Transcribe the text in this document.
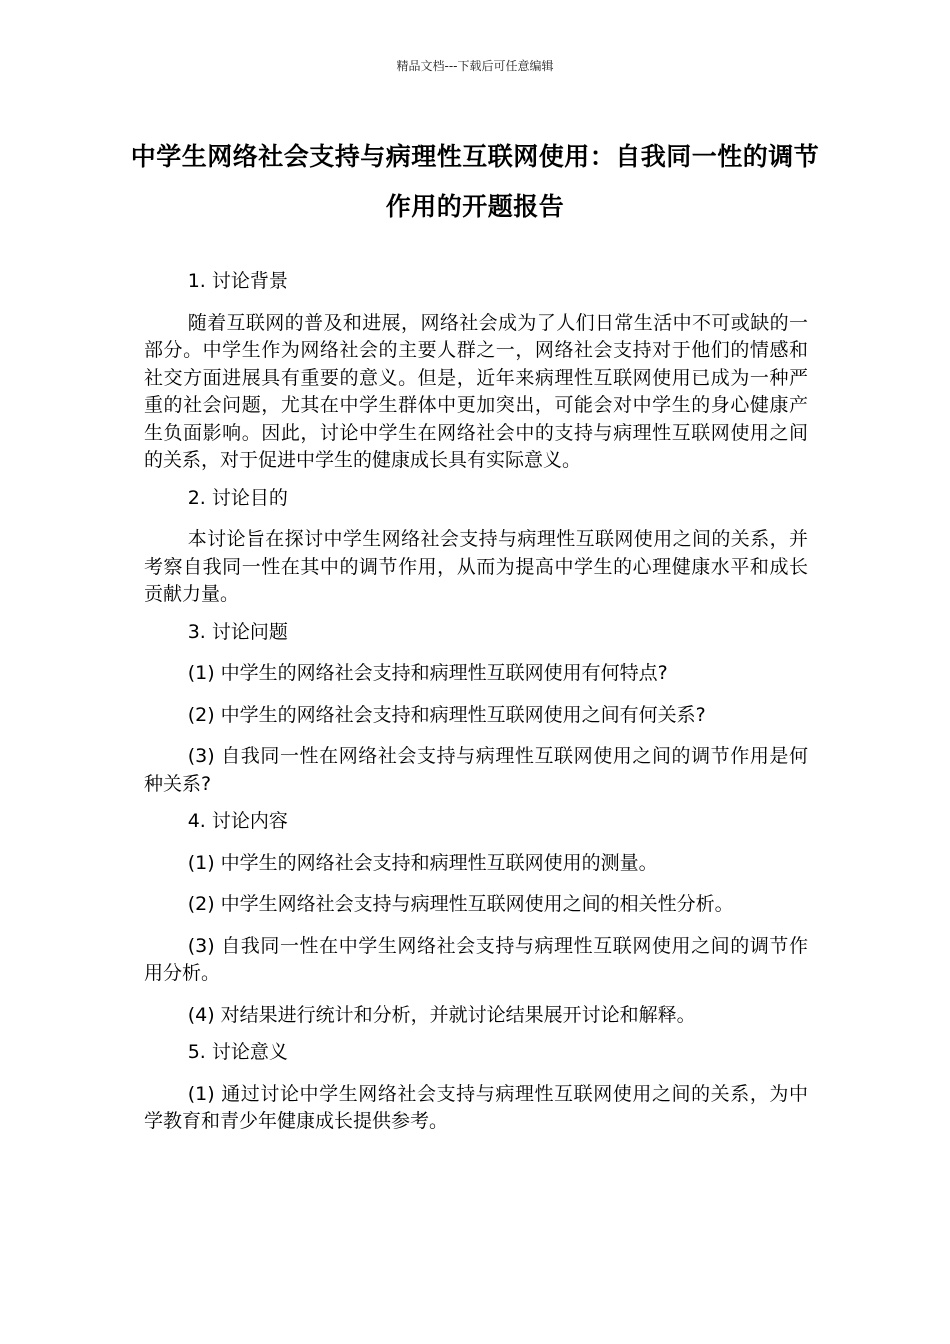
精品文档---下载后可任意编辑
中学生网络社会支持与病理性互联网使用：自我同一性的调节作用的开题报告

1. 讨论背景

随着互联网的普及和进展，网络社会成为了人们日常生活中不可或缺的一部分。中学生作为网络社会的主要人群之一，网络社会支持对于他们的情感和社交方面进展具有重要的意义。但是，近年来病理性互联网使用已成为一种严重的社会问题，尤其在中学生群体中更加突出，可能会对中学生的身心健康产生负面影响。因此，讨论中学生在网络社会中的支持与病理性互联网使用之间的关系，对于促进中学生的健康成长具有实际意义。

2. 讨论目的

本讨论旨在探讨中学生网络社会支持与病理性互联网使用之间的关系，并考察自我同一性在其中的调节作用，从而为提高中学生的心理健康水平和成长贡献力量。

3. 讨论问题

(1) 中学生的网络社会支持和病理性互联网使用有何特点?

(2) 中学生的网络社会支持和病理性互联网使用之间有何关系?

(3) 自我同一性在网络社会支持与病理性互联网使用之间的调节作用是何种关系?

4. 讨论内容

(1) 中学生的网络社会支持和病理性互联网使用的测量。

(2) 中学生网络社会支持与病理性互联网使用之间的相关性分析。

(3) 自我同一性在中学生网络社会支持与病理性互联网使用之间的调节作用分析。

(4) 对结果进行统计和分析，并就讨论结果展开讨论和解释。

5. 讨论意义

(1) 通过讨论中学生网络社会支持与病理性互联网使用之间的关系，为中学教育和青少年健康成长提供参考。
